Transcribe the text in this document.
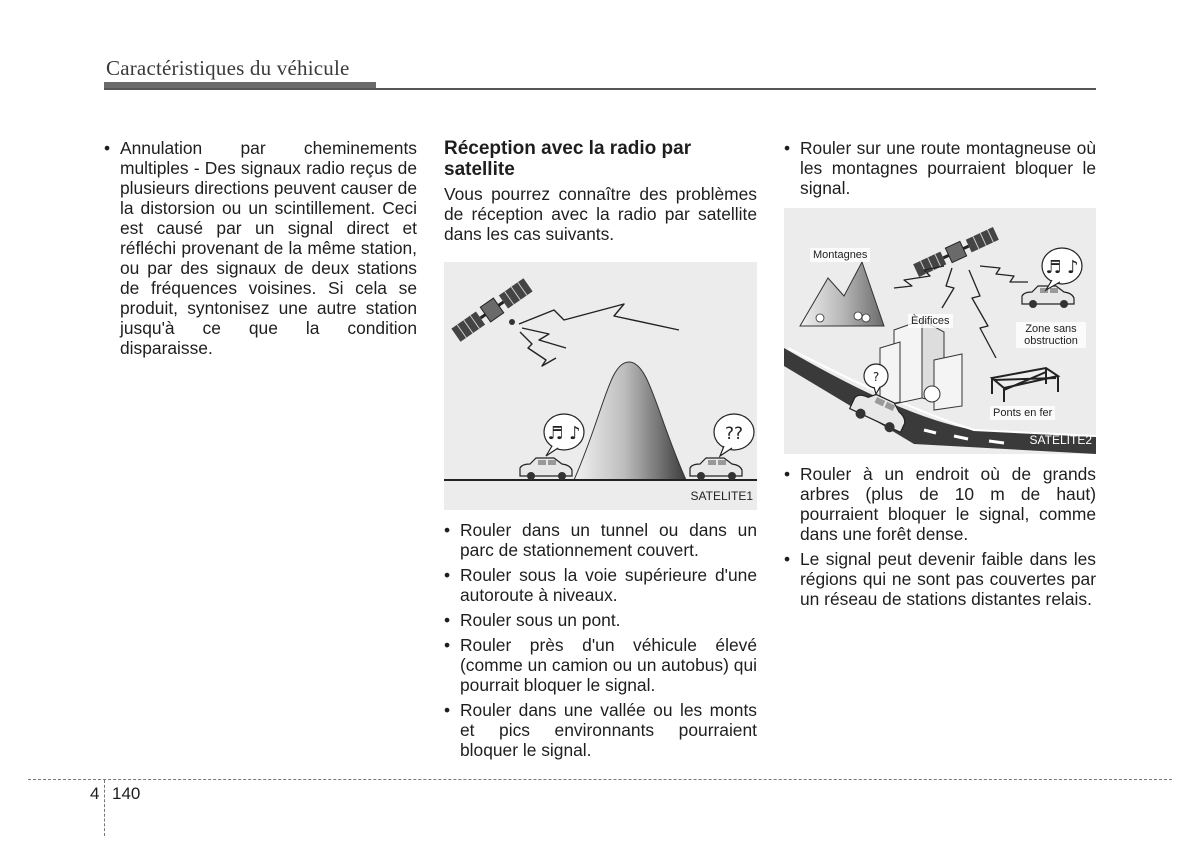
Caractéristiques du véhicule
• Annulation par cheminements multiples - Des signaux radio reçus de plusieurs directions peuvent causer de la distorsion ou un scintillement. Ceci est causé par un signal direct et réfléchi provenant de la même station, ou par des signaux de deux stations de fréquences voisines. Si cela se produit, syntonisez une autre station jusqu'à ce que la condition disparaisse.
Réception avec la radio par satellite

Vous pourrez connaître des problèmes de réception avec la radio par satellite dans les cas suivants.

♬ ♪	??
SATELITE1
• Rouler dans un tunnel ou dans un parc de stationnement couvert.
• Rouler sous la voie supérieure d'une autoroute à niveaux.
• Rouler sous un pont.
• Rouler près d'un véhicule élevé (comme un camion ou un autobus) qui pourrait bloquer le signal.
• Rouler dans une vallée ou les monts et pics environnants pourraient bloquer le signal.
• Rouler sur une route montagneuse où les montagnes pourraient bloquer le signal.
?
♬ ♪
Montagnes
Èdifices
Zone sans obstruction
Ponts en fer
SATELITE2
• Rouler à un endroit où de grands arbres (plus de 10 m de haut) pourraient bloquer le signal, comme dans une forêt dense.
• Le signal peut devenir faible dans les régions qui ne sont pas couvertes par un réseau de stations distantes relais.
4 140
